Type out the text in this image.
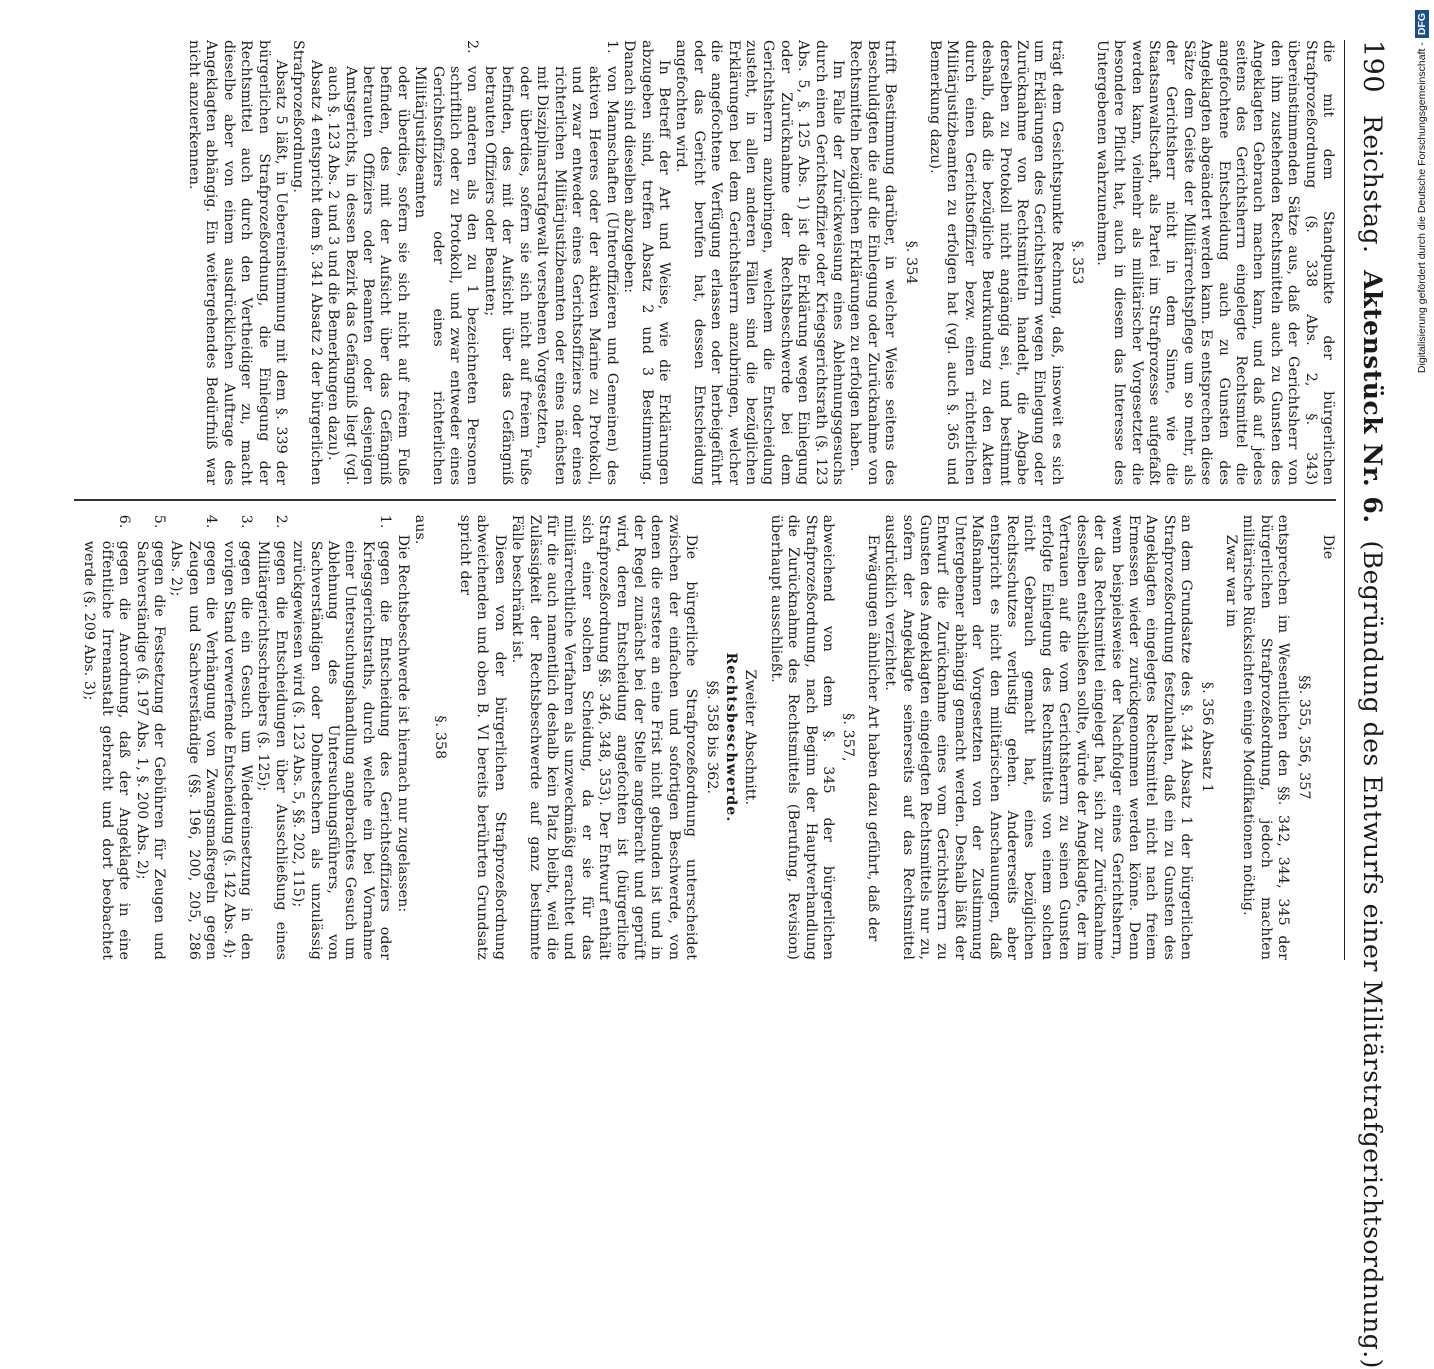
190
Reichstag.  Aktenstück Nr. 6.  (Begründung des Entwurfs einer Militärstrafgerichtsordnung.)

die mit dem Standpunkte der bürgerlichen Strafprozeßordnung (§. 338 Abs. 2, §. 343) übereinstimmenden Sätze aus, daß der Gerichtsherr von den ihm zustehenden Rechtsmitteln auch zu Gunsten des Angeklagten Gebrauch machen kann, und daß auf jedes seitens des Gerichtsherrn eingelegte Rechtsmittel die angefochtene Entscheidung auch zu Gunsten des Angeklagten abgeändert werden kann. Es entsprechen diese Sätze dem Geiste der Militärrechtspflege um so mehr, als der Gerichtsherr nicht in dem Sinne, wie die Staatsanwaltschaft, als Partei im Strafprozesse aufgefaßt werden kann, vielmehr als militärischer Vorgesetzter die besondere Pflicht hat, auch in diesem das Interesse des Untergebenen wahrzunehmen.

§. 353

trägt dem Gesichtspunkte Rechnung, daß, insoweit es sich um Erklärungen des Gerichtsherrn wegen Einlegung oder Zurücknahme von Rechtsmitteln handelt, die Abgabe derselben zu Protokoll nicht angängig sei, und bestimmt deshalb, daß die bezügliche Beurkundung zu den Akten durch einen Gerichtsoffizier bezw. einen richterlichen Militärjustizbeamten zu erfolgen hat (vgl. auch §. 365 und Bemerkung dazu).

§. 354

trifft Bestimmung darüber, in welcher Weise seitens des Beschuldigten die auf die Einlegung oder Zurücknahme von Rechtsmitteln bezüglichen Erklärungen zu erfolgen haben.

Im Falle der Zurückweisung eines Ablehnungsgesuchs durch einen Gerichtsoffizier oder Kriegsgerichtsrath (§. 123 Abs. 5, §. 125 Abs. 1) ist die Erklärung wegen Einlegung oder Zurücknahme der Rechtsbeschwerde bei dem Gerichtsherrn anzubringen, welchem die Entscheidung zusteht, in allen anderen Fällen sind die bezüglichen Erklärungen bei dem Gerichtsherrn anzubringen, welcher die angefochtene Verfügung erlassen oder herbeigeführt oder das Gericht berufen hat, dessen Entscheidung angefochten wird.

In Betreff der Art und Weise, wie die Erklärungen abzugeben sind, treffen Absatz 2 und 3 Bestimmung. Danach sind dieselben abzugeben:

1.
von Mannschaften (Unteroffizieren und Gemeinen) des aktiven Heeres oder der aktiven Marine zu Protokoll, und zwar entweder eines Gerichtsoffiziers oder eines richterlichen Militärjustizbeamten oder eines nächsten mit Disziplinarstrafgewalt versehenen Vorgesetzten,
oder überdies, sofern sie sich nicht auf freiem Fuße befinden, des mit der Aufsicht über das Gefängniß betrauten Offiziers oder Beamten;
2.
von anderen als den zu 1 bezeichneten Personen schriftlich oder zu Protokoll, und zwar entweder eines Gerichtsoffiziers oder eines richterlichen Militärjustizbeamten
oder überdies, sofern sie sich nicht auf freiem Fuße befinden, des mit der Aufsicht über das Gefängniß betrauten Offiziers oder Beamten oder desjenigen Amtsgerichts, in dessen Bezirk das Gefängniß liegt (vgl. auch §. 123 Abs. 2 und 3 und die Bemerkungen dazu).

Absatz 4 entspricht dem §. 341 Absatz 2 der bürgerlichen Strafprozeßordnung.

Absatz 5 läßt, in Uebereinstimmung mit dem §. 339 der bürgerlichen Strafprozeßordnung, die Einlegung der Rechtsmittel auch durch den Vertheidiger zu, macht dieselbe aber von einem ausdrücklichen Auftrage des Angeklagten abhängig. Ein weitergehendes Bedürfniß war nicht anzuerkennen.

Die

§§. 355, 356, 357

entsprechen im Wesentlichen den §§. 342, 344, 345 der bürgerlichen Strafprozeßordnung, jedoch machten militärische Rücksichten einige Modifikationen nöthig.

Zwar war im

§. 356 Absatz 1

an dem Grundsatze des §. 344 Absatz 1 der bürgerlichen Strafprozeßordnung festzuhalten, daß ein zu Gunsten des Angeklagten eingelegtes Rechtsmittel nicht nach freiem Ermessen wieder zurückgenommen werden könne. Denn wenn beispielsweise der Nachfolger eines Gerichtsherrn, der das Rechtsmittel eingelegt hat, sich zur Zurücknahme desselben entschließen sollte, würde der Angeklagte, der im Vertrauen auf die vom Gerichtsherrn zu seinen Gunsten erfolgte Einlegung des Rechtsmittels von einem solchen nicht Gebrauch gemacht hat, eines bezüglichen Rechtsschutzes verlustig gehen. Andererseits aber entspricht es nicht den militärischen Anschauungen, daß Maßnahmen der Vorgesetzten von der Zustimmung Untergebener abhängig gemacht werden. Deshalb läßt der Entwurf die Zurücknahme eines vom Gerichtsherrn zu Gunsten des Angeklagten eingelegten Rechtsmittels nur zu, sofern der Angeklagte seinerseits auf das Rechtsmittel ausdrücklich verzichtet.

Erwägungen ähnlicher Art haben dazu geführt, daß der

§. 357,

abweichend von dem §. 345 der bürgerlichen Strafprozeßordnung, nach Beginn der Hauptverhandlung die Zurücknahme des Rechtsmittels (Berufung, Revision) überhaupt ausschließt.

Zweiter Abschnitt.
Rechtsbeschwerde.
§§. 358 bis 362.

Die bürgerliche Strafprozeßordnung unterscheidet zwischen der einfachen und sofortigen Beschwerde, von denen die erstere an eine Frist nicht gebunden ist und in der Regel zunächst bei der Stelle angebracht und geprüft wird, deren Entscheidung angefochten ist (bürgerliche Strafprozeßordnung §§. 346, 348, 353). Der Entwurf enthält sich einer solchen Scheidung, da er sie für das militärrechtliche Verfahren als unzweckmäßig erachtet und für die auch namentlich deshalb kein Platz bleibt, weil die Zulässigkeit der Rechtsbeschwerde auf ganz bestimmte Fälle beschränkt ist.

Diesen von der bürgerlichen Strafprozeßordnung abweichenden und oben B. VI bereits berührten Grundsatz spricht der

§. 358

aus.

Die Rechtsbeschwerde ist hiernach nur zugelassen:

1.
gegen die Entscheidung des Gerichtsoffiziers oder Kriegsgerichtsraths, durch welche ein bei Vornahme einer Untersuchungshandlung angebrachtes Gesuch um Ablehnung des Untersuchungsführers, von Sachverständigen oder Dolmetschern als unzulässig zurückgewiesen wird (§. 123 Abs. 5, §§. 202, 115);
2.
gegen die Entscheidungen über Ausschließung eines Militärgerichtsschreibers (§. 125);
3.
gegen die ein Gesuch um Wiedereinsetzung in den vorigen Stand verwerfende Entscheidung (§. 142 Abs. 4);
4.
gegen die Verhängung von Zwangsmaßregeln gegen Zeugen und Sachverständige (§§. 196, 200, 205, 286 Abs. 2);
5.
gegen die Festsetzung der Gebühren für Zeugen und Sachverständige (§. 197 Abs. 1, §. 200 Abs. 2);
6.
gegen die Anordnung, daß der Angeklagte in eine öffentliche Irrenanstalt gebracht und dort beobachtet werde (§. 209 Abs. 3);
Digitalisierung gefördert durch die Deutsche Forschungsgemeinschaft -DFG
